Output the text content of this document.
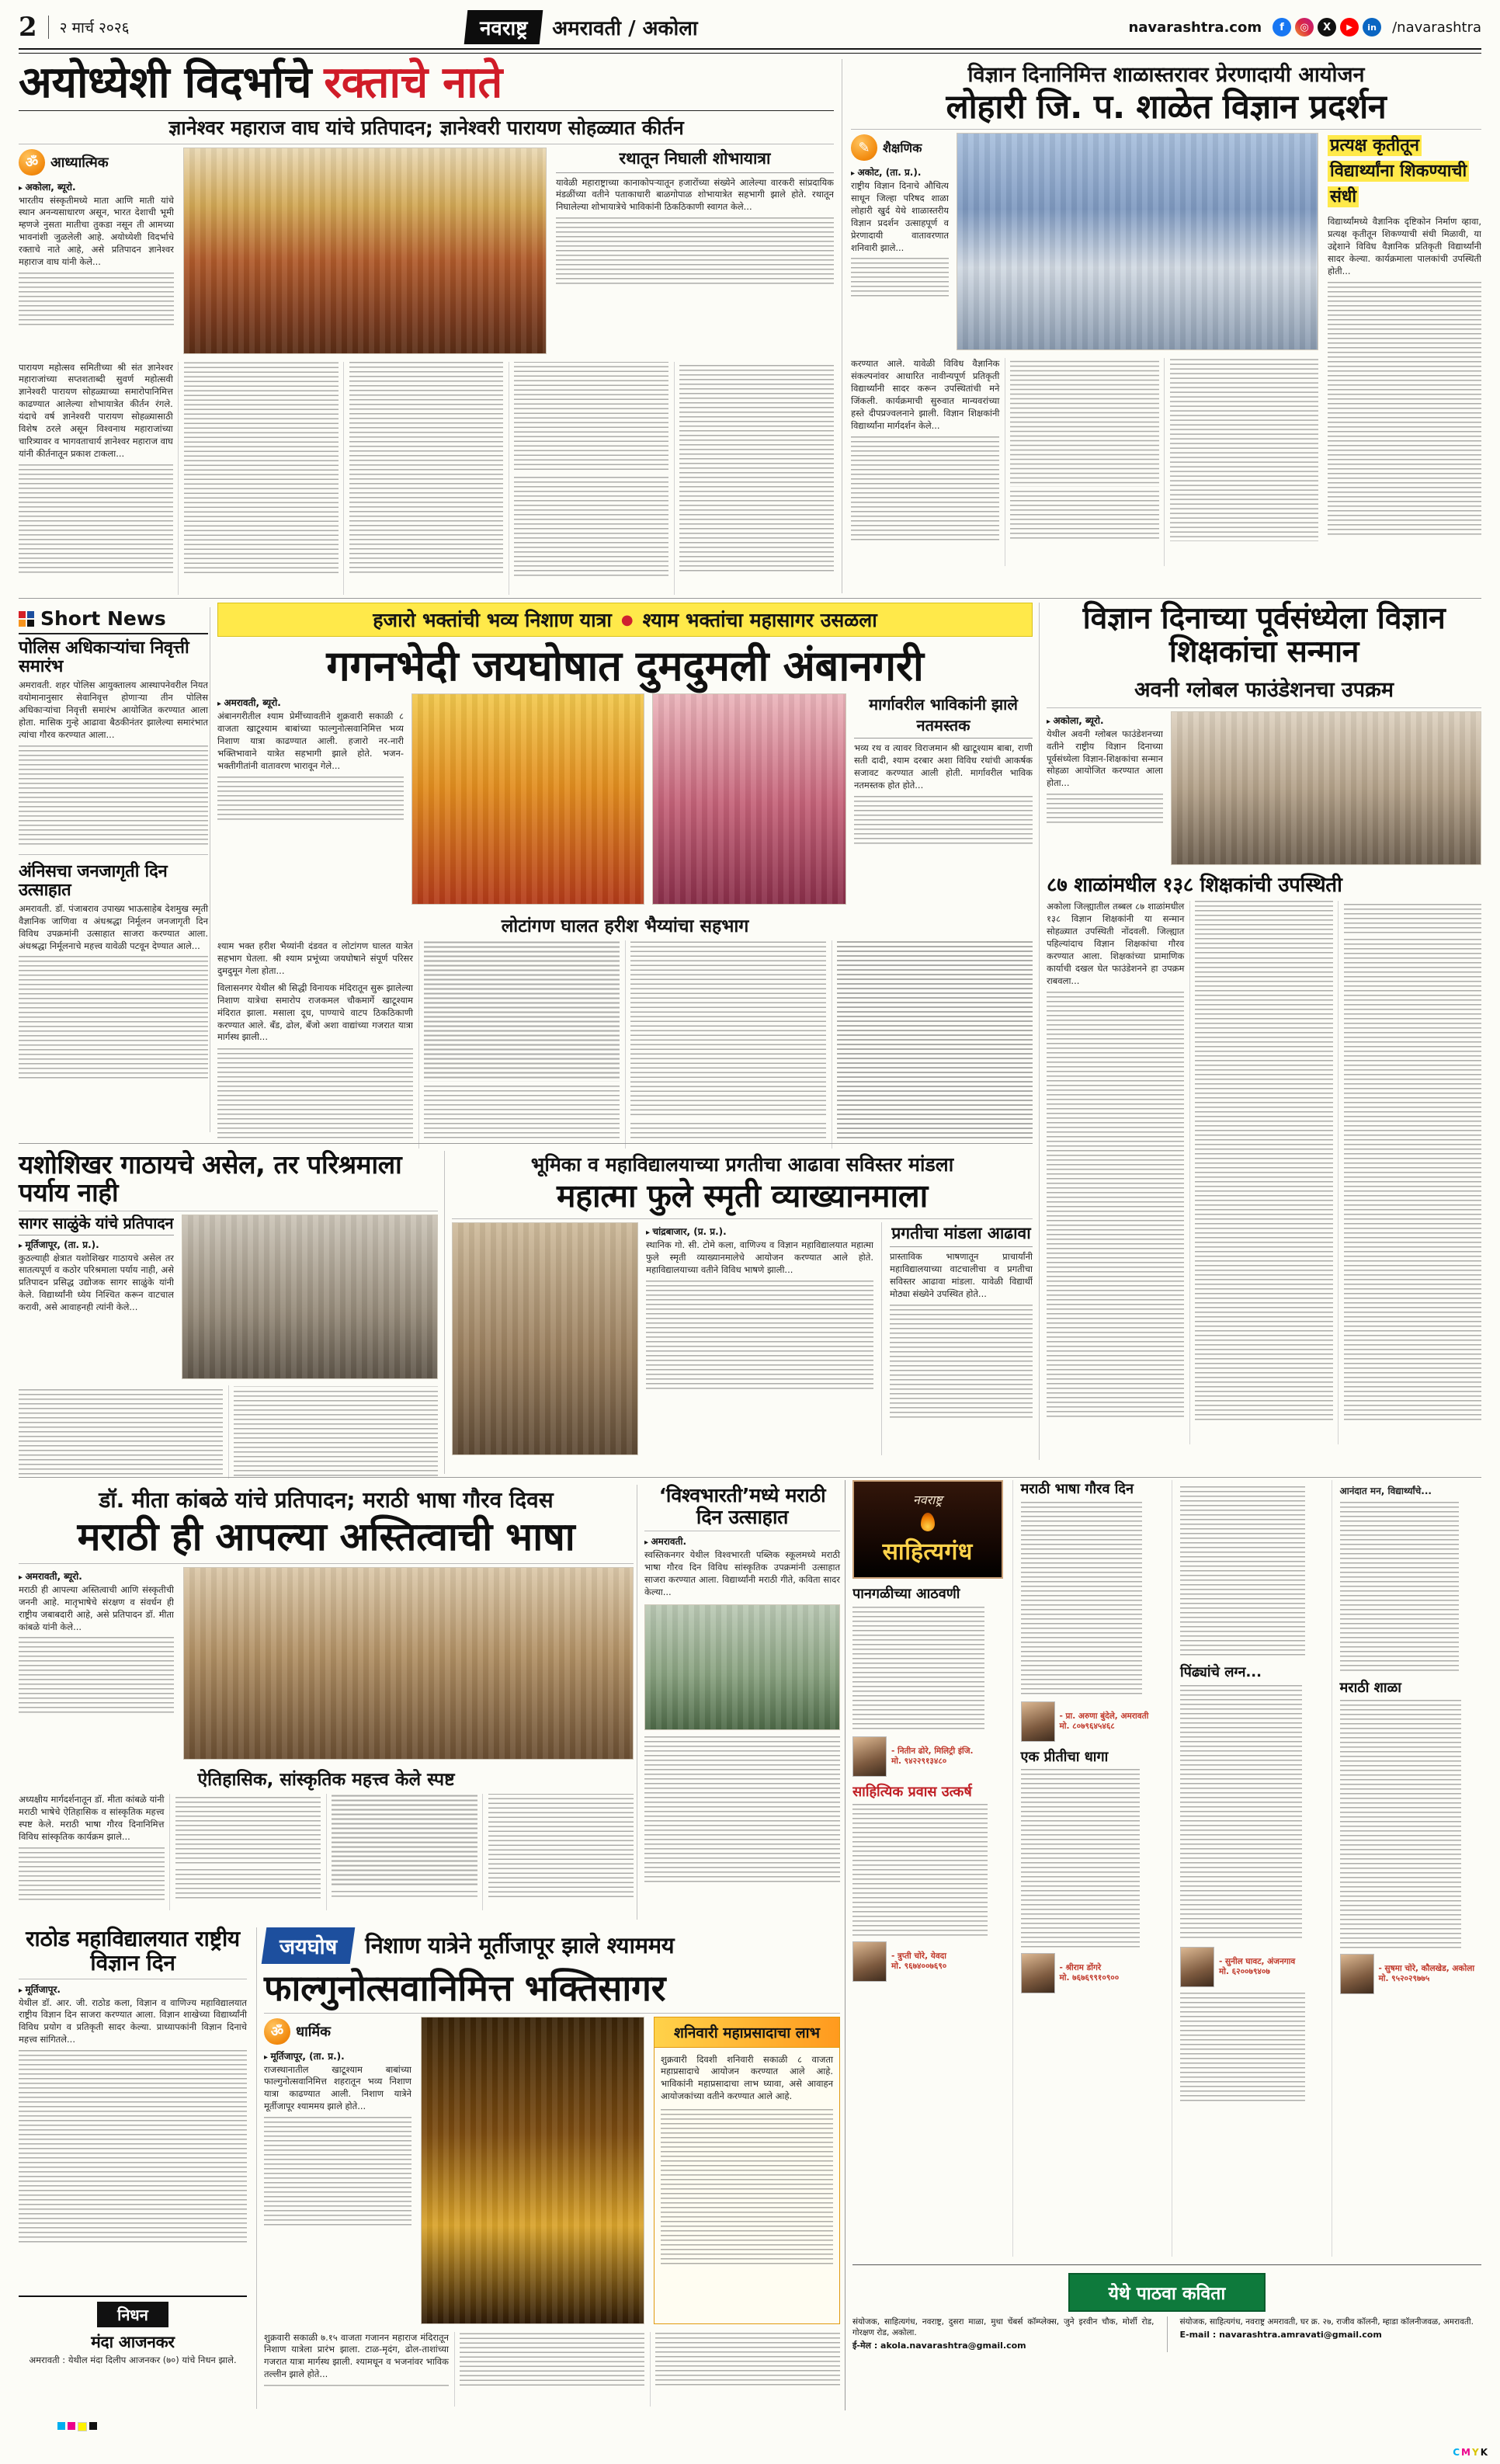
2 २ मार्च २०२६	नवराष्ट्र	अमरावती / अकोला	navarashtra.com	f	◎	X	▶	in	/navarashtra
अयोध्येशी विदर्भाचे रक्ताचे नाते
ज्ञानेश्वर महाराज वाघ यांचे प्रतिपादन; ज्ञानेश्वरी पारायण सोहळ्यात कीर्तन
ॐ आध्यात्मिक
▸ अकोला, ब्यूरो.
भारतीय संस्कृतीमध्ये माता आणि माती यांचे स्थान अनन्यसाधारण असून, भारत देशाची भूमी म्हणजे नुसता मातीचा तुकडा नसून ती आमच्या भावनांशी जुळलेली आहे. अयोध्येशी विदर्भाचे रक्ताचे नाते आहे, असे प्रतिपादन ज्ञानेश्वर महाराज वाघ यांनी केले...
रथातून निघाली शोभायात्रा
यावेळी महाराष्ट्राच्या कानाकोपऱ्यातून हजारोंच्या संख्येने आलेल्या वारकरी सांप्रदायिक मंडळींच्या वतीने पताकाधारी बाळगोपाळ शोभायात्रेत सहभागी झाले होते. रथातून निघालेल्या शोभायात्रेचे भाविकांनी ठिकठिकाणी स्वागत केले...

पारायण महोत्सव समितीच्या श्री संत ज्ञानेश्वर महाराजांच्या सप्तशताब्दी सुवर्ण महोत्सवी ज्ञानेश्वरी पारायण सोहळ्याच्या समारोपानिमित्त काढण्यात आलेल्या शोभायात्रेत कीर्तन रंगले. यंदाचे वर्ष ज्ञानेश्वरी पारायण सोहळ्यासाठी विशेष ठरले असून विश्वनाथ महाराजांच्या चारित्र्यावर व भागवताचार्य ज्ञानेश्वर महाराज वाघ यांनी कीर्तनातून प्रकाश टाकला...

विज्ञान दिनानिमित्त शाळास्तरावर प्रेरणादायी आयोजन
लोहारी जि. प. शाळेत विज्ञान प्रदर्शन
✎	शैक्षणिक
▸ अकोट, (ता. प्र.).
राष्ट्रीय विज्ञान दिनाचे औचित्य साधून जिल्हा परिषद शाळा लोहारी खुर्द येथे शाळास्तरीय विज्ञान प्रदर्शन उत्साहपूर्ण व प्रेरणादायी वातावरणात शनिवारी झाले...

करण्यात आले. यावेळी विविध वैज्ञानिक संकल्पनांवर आधारित नावीन्यपूर्ण प्रतिकृती विद्यार्थ्यांनी सादर करून उपस्थितांची मने जिंकली. कार्यक्रमाची सुरुवात मान्यवरांच्या हस्ते दीपप्रज्वलनाने झाली. विज्ञान शिक्षकांनी विद्यार्थ्यांना मार्गदर्शन केले...

प्रत्यक्ष कृतीतून विद्यार्थ्यांना शिकण्याची संधी
विद्यार्थ्यांमध्ये वैज्ञानिक दृष्टिकोन निर्माण व्हावा, प्रत्यक्ष कृतीतून शिकण्याची संधी मिळावी, या उद्देशाने विविध वैज्ञानिक प्रतिकृती विद्यार्थ्यांनी सादर केल्या. कार्यक्रमाला पालकांची उपस्थिती होती...
Short News
पोलिस अधिकाऱ्यांचा निवृत्ती समारंभ
अमरावती. शहर पोलिस आयुक्तालय आस्थापनेवरील नियत वयोमानानुसार सेवानिवृत्त होणाऱ्या तीन पोलिस अधिकाऱ्यांचा निवृत्ती समारंभ आयोजित करण्यात आला होता. मासिक गुन्हे आढावा बैठकीनंतर झालेल्या समारंभात त्यांचा गौरव करण्यात आला...
अंनिसचा जनजागृती दिन उत्साहात
अमरावती. डॉ. पंजाबराव उपाख्य भाऊसाहेब देशमुख स्मृती वैज्ञानिक जाणिवा व अंधश्रद्धा निर्मूलन जनजागृती दिन विविध उपक्रमांनी उत्साहात साजरा करण्यात आला. अंधश्रद्धा निर्मूलनाचे महत्त्व यावेळी पटवून देण्यात आले...
हजारो भक्तांची भव्य निशाण यात्रा ● श्याम भक्तांचा महासागर उसळला
गगनभेदी जयघोषात दुमदुमली अंबानगरी
▸ अमरावती, ब्यूरो.
अंबानगरीतील श्याम प्रेमींच्यावतीने शुक्रवारी सकाळी ८ वाजता खाटूश्याम बाबांच्या फाल्गुनोत्सवानिमित्त भव्य निशाण यात्रा काढण्यात आली. हजारो नर-नारी भक्तिभावाने यात्रेत सहभागी झाले होते. भजन-भक्तीगीतांनी वातावरण भारावून गेले...
मार्गावरील भाविकांनी झाले नतमस्तक
भव्य रथ व त्यावर विराजमान श्री खाटूश्याम बाबा, राणी सती दादी, श्याम दरबार अशा विविध रथांची आकर्षक सजावट करण्यात आली होती. मार्गावरील भाविक नतमस्तक होत होते...
लोटांगण घालत हरीश भैय्यांचा सहभाग

श्याम भक्त हरीश भैय्यांनी दंडवत व लोटांगण घालत यात्रेत सहभाग घेतला. श्री श्याम प्रभूंच्या जयघोषाने संपूर्ण परिसर दुमदुमून गेला होता...

विलासनगर येथील श्री सिद्धी विनायक मंदिरातून सुरू झालेल्या निशाण यात्रेचा समारोप राजकमल चौकमार्गे खाटूश्याम मंदिरात झाला. मसाला दूध, पाण्याचे वाटप ठिकठिकाणी करण्यात आले. बँड, ढोल, बँजो अशा वाद्यांच्या गजरात यात्रा मार्गस्थ झाली...

विज्ञान दिनाच्या पूर्वसंध्येला विज्ञान शिक्षकांचा सन्मान
अवनी ग्लोबल फाउंडेशनचा उपक्रम
▸ अकोला, ब्यूरो.
येथील अवनी ग्लोबल फाउंडेशनच्या वतीने राष्ट्रीय विज्ञान दिनाच्या पूर्वसंध्येला विज्ञान-शिक्षकांचा सन्मान सोहळा आयोजित करण्यात आला होता...
८७ शाळांमधील १३८ शिक्षकांची उपस्थिती

अकोला जिल्ह्यातील तब्बल ८७ शाळांमधील १३८ विज्ञान शिक्षकांनी या सन्मान सोहळ्यात उपस्थिती नोंदवली. जिल्ह्यात पहिल्यांदाच विज्ञान शिक्षकांचा गौरव करण्यात आला. शिक्षकांच्या प्रामाणिक कार्याची दखल घेत फाउंडेशनने हा उपक्रम राबवला...

यशोशिखर गाठायचे असेल, तर परिश्रमाला पर्याय नाही
सागर साळुंके यांचे प्रतिपादन
▸ मूर्तिजापूर, (ता. प्र.).
कुठल्याही क्षेत्रात यशोशिखर गाठायचे असेल तर सातत्यपूर्ण व कठोर परिश्रमाला पर्याय नाही, असे प्रतिपादन प्रसिद्ध उद्योजक सागर साळुंके यांनी केले. विद्यार्थ्यांनी ध्येय निश्चित करून वाटचाल करावी, असे आवाहनही त्यांनी केले...
भूमिका व महाविद्यालयाच्या प्रगतीचा आढावा सविस्तर मांडला
महात्मा फुले स्मृती व्याख्यानमाला
▸ चांद्रबाजार, (प्र. प्र.).
स्थानिक गो. सी. टोमे कला, वाणिज्य व विज्ञान महाविद्यालयात महात्मा फुले स्मृती व्याख्यानमालेचे आयोजन करण्यात आले होते. महाविद्यालयाच्या वतीने विविध भाषणे झाली...
प्रगतीचा मांडला आढावा
प्रास्ताविक भाषणातून प्राचार्यांनी महाविद्यालयाच्या वाटचालीचा व प्रगतीचा सविस्तर आढावा मांडला. यावेळी विद्यार्थी मोठ्या संख्येने उपस्थित होते...
डॉ. मीता कांबळे यांचे प्रतिपादन; मराठी भाषा गौरव दिवस
मराठी ही आपल्या अस्तित्वाची भाषा
▸ अमरावती, ब्यूरो.
मराठी ही आपल्या अस्तित्वाची आणि संस्कृतीची जननी आहे. मातृभाषेचे संरक्षण व संवर्धन ही राष्ट्रीय जबाबदारी आहे, असे प्रतिपादन डॉ. मीता कांबळे यांनी केले...
ऐतिहासिक, सांस्कृतिक महत्त्व केले स्पष्ट

अध्यक्षीय मार्गदर्शनातून डॉ. मीता कांबळे यांनी मराठी भाषेचे ऐतिहासिक व सांस्कृतिक महत्त्व स्पष्ट केले. मराठी भाषा गौरव दिनानिमित्त विविध सांस्कृतिक कार्यक्रम झाले...

‘विश्वभारती’मध्ये मराठी दिन उत्साहात
▸ अमरावती.
स्वस्तिकनगर येथील विश्वभारती पब्लिक स्कूलमध्ये मराठी भाषा गौरव दिन विविध सांस्कृतिक उपक्रमांनी उत्साहात साजरा करण्यात आला. विद्यार्थ्यांनी मराठी गीते, कविता सादर केल्या...
नवराष्ट्र
साहित्यगंध
पानगळीच्या आठवणी
- नितीन ढोरे, मिलिट्री इंजि.
मो. ९४२२९१३४८०
साहित्यिक प्रवास उत्कर्ष
- त्रुप्ती चोरे, येवदा
मो. ९६७४००७६९०
मराठी भाषा गौरव दिन
- प्रा. अरुणा बुंदेले, अमरावती
मो. ८०७९६४५४६८
एक प्रीतीचा धागा
- श्रीराम डोंगरे
मो. ७६७६९९१०९००
पिंढ्यांचे लग्न...
- सुनील घावट, अंजनगाव
मो. ६२००७९४०७
आनंदात मन, विद्यार्थ्यांचे...
मराठी शाळा
- सुषमा चोरे, कौलखेड, अकोला
मो. ९५२०२९७७५
येथे पाठवा कविता
संयोजक, साहित्यगंध, नवराष्ट्र, दुसरा माळा, मुथा चेंबर्स कॉम्प्लेक्स, जुने इरवीन चौक, मोर्शी रोड, गोरक्षण रोड, अकोला.
ई-मेल : akola.navarashtra@gmail.com
संयोजक, साहित्यगंध, नवराष्ट्र अमरावती, घर क्र. २७, राजीव कॉलनी, म्हाडा कॉलनीजवळ, अमरावती.
E-mail : navarashtra.amravati@gmail.com
राठोड महाविद्यालयात राष्ट्रीय विज्ञान दिन
▸ मूर्तिजापूर.
येथील डॉ. आर. जी. राठोड कला, विज्ञान व वाणिज्य महाविद्यालयात राष्ट्रीय विज्ञान दिन साजरा करण्यात आला. विज्ञान शाखेच्या विद्यार्थ्यांनी विविध प्रयोग व प्रतिकृती सादर केल्या. प्राध्यापकांनी विज्ञान दिनाचे महत्त्व सांगितले...
निधन
मंदा आजनकर
अमरावती : येथील मंदा दिलीप आजनकर (७०) यांचे निधन झाले.
जयघोष	निशाण यात्रेने मूर्तीजापूर झाले श्याममय
फाल्गुनोत्सवानिमित्त भक्तिसागर
ॐ धार्मिक
▸ मूर्तिजापूर, (ता. प्र.).
राजस्थानातील खाटूश्याम बाबांच्या फाल्गुनोत्सवानिमित्त शहरातून भव्य निशाण यात्रा काढण्यात आली. निशाण यात्रेने मूर्तीजापूर श्याममय झाले होते...
शनिवारी महाप्रसादाचा लाभ
शुक्रवारी दिवशी शनिवारी सकाळी ८ वाजता महाप्रसादाचे आयोजन करण्यात आले आहे. भाविकांनी महाप्रसादाचा लाभ घ्यावा, असे आवाहन आयोजकांच्या वतीने करण्यात आले आहे.

शुक्रवारी सकाळी ७.१५ वाजता गजानन महाराज मंदिरातून निशाण यात्रेला प्रारंभ झाला. टाळ-मृदंग, ढोल-ताशांच्या गजरात यात्रा मार्गस्थ झाली. श्यामधून व भजनांवर भाविक तल्लीन झाले होते...

C M Y K
